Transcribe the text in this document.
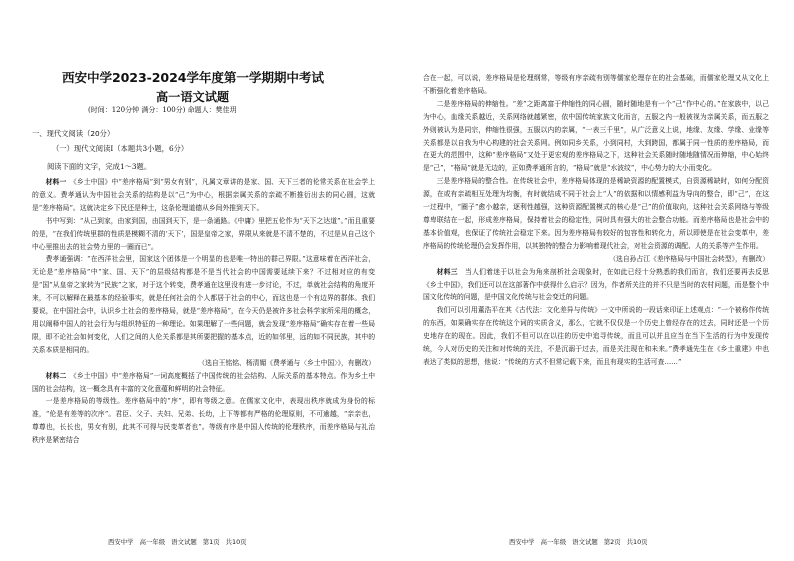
西安中学2023-2024学年度第一学期期中考试
高一语文试题
(时间：120分钟 满分：100分) 命题人：樊佳玥
一、现代文阅读（20分）
（一）现代文阅读Ⅰ（本题共3小题，6分）
阅读下面的文字，完成1～3题。

材料一　 《乡土中国》中“差序格局”到“男女有别”，凡属文章讲的是家、国、天下三者的伦常关系在社会学上的意义。费孝通认为中国社会关系的结构是以“己”为中心，根据亲属关系的亲疏不断推衍出去的同心圆，这就是“差序格局”。这就决定乡下民还是种土，这条伦理道德从乡间外推到天下。

书中写到：“从己到家，由家到国，由国到天下，是一条通路。《中庸》里把五伦作为“天下之达道”。”而且重要的是，“在我们传统里群的性质是模糊不清的‘天下’，国是皇帝之家，界限从来就是不清不楚的，不过是从自己这个中心里推出去的社会势力里的一圈而已”。

费孝通强调：“在西洋社会里，国家这个团体是一个明显的也是唯一特出的群己界限。”这意味着在西洋社会，无论是“差序格局”中“家、国、天下”的层级结构都是不是当代社会的中国需要延续下来？不过相对应的有变是“国”从皇帝之家转为“民族”之家，对于这个转变，费孝通在这里没有进一步讨论，不过，单就社会结构的角度开来，不可以解释在最基本的经验事实，就是任何社会的个人都居于社会的中心，而这也是一个有边界的群体。我们要说，在中国社会中，认识乡土社会的差序格局，就是“差序格局”，在今天仍是被许多社会科学家所采用的概念，用以阐释中国人的社会行为与组织特征的一种理论。如果理解了一些问题，就会发现“差序格局”确实存在着一些局限，即不论社会如何变化，人们之间的人伦关系都是其所要把握的基本点，近的如邻里，远的如不同民族，其中的关系本质是相同的。

（选自王铭铭、杨清媚《费孝通与〈乡土中国〉》，有删改）

材料二　 《乡土中国》中“差序格局”一词高度概括了中国传统的社会结构、人际关系的基本特点。作为乡土中国的社会结构，这一概念具有丰富的文化意蕴和鲜明的社会特征。

一是差序格局的等级性。差序格局中的“序”，即有等级之意。在儒家文化中，表现出秩序就成为身份的标准，“伦是有差等的次序”。君臣、父子、夫妇、兄弟、长幼，上下等都有严格的伦理原则，不可逾越，“亲亲也，尊尊也，长长也，男女有别，此其不可得与民变革者也”。等级有序是中国人传统的伦理秩序，而差序格局与礼治秩序是紧密结合

西安中学 高一年级 语文试题 第1页 共10页

合在一起，可以说，差序格局是伦理纲常，等级有序亲疏有别等儒家伦理存在的社会基础，而儒家伦理又从文化上不断强化着差序格局。

二是差序格局的伸缩性。“差”之距离富于伸缩性的同心圆，随时随地是有一个“己”作中心的。”在家族中，以己为中心，血缘关系越近，关系网络就越紧密，依中国传统家族文化而言，五服之内一般被视为亲属关系，而五服之外则被认为是同宗，伸缩性很强，五服以内的亲属，“一表三千里”，从广泛意义上说，地缘、友缘、学缘、业缘等关系都是以自我为中心构建的社会关系网。例如同乡关系，小到同村，大到跨国，都属于同一性质的差序格局，而在更大的范围中，这种“差序格局”又处于更宏观的差序格局之下，这种社会关系随时随地随情况而伸缩，中心始终是“己”，“格局”就是无边的，正如费孝通所言的，“格局”就是“水波纹”，中心势力的大小而变化。

三是差序格局的整合性。在传统社会中，差序格局体现的是稀缺资源的配置模式，自资源稀缺时，如何分配资源，在或有亲疏相互处理为均衡，有时就结成不同于社会上“人”的依据和以情感利益为导向的整合，即“己”，在这一过程中，“圈子”愈小越亲，逐利性越强，这种资源配置模式的核心是“己”的价值取向，这种社会关系网络与等级尊卑联结在一起，形成差序格局，保持着社会的稳定性，同时具有强大的社会整合功能。而差序格局也是社会中的基本价值观，也保证了传统社会稳定下来。因为差序格局有较好的包容性和转化力，所以即使是在社会变革中，差序格局的传统伦理仍会发挥作用，以其独特的整合力影响着现代社会，对社会资源的调配、人的关系等产生作用。

（选自孙占江《差序格局与中国社会转型》，有删改）

材料三　 当人们着迷于以社会为角来剖析社会现象时，在如此已经十分熟悉的我们而言，我们还要再去反思《乡土中国》，我们还可以在这部著作中获得什么启示？因为，作者所关注的并不只是当时的农村问题，而是整个中国文化传统的问题，是中国文化传统与社会变迁的问题。

我们可以引用董浩平在其《古代法：文化差异与传统》一文中所说的一段话来印证上述观点：“一个被称作传统的东西，如果确实存在传统这个词的实质含义，那么，它就不仅仅是一个历史上曾经存在的过去，同时还是一个历史地存在的现在。因此，我们不但可以在以往的历史中追寻传统，而且可以并且应当在当下生活的行为中发现传统，今人对历史的关注和对传统的关注，不是沉溺于过去，而是关注现在和未来。”费孝通先生在《乡土重建》中也表达了类似的思想，他说：“传统的方式不但常记载下来，而且有现实的生活可查……”

西安中学 高一年级 语文试题 第2页 共10页
